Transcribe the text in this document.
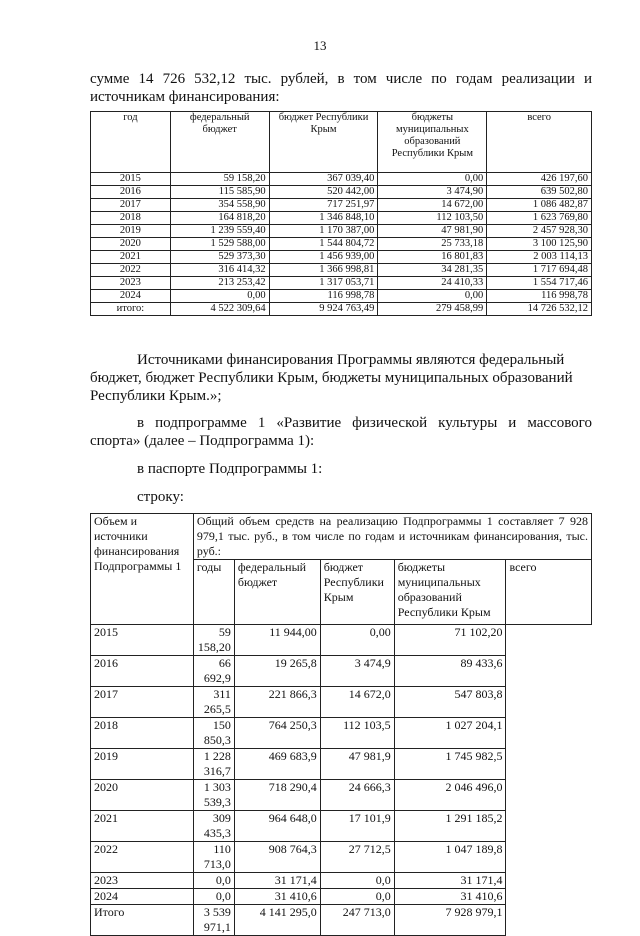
13
сумме 14 726 532,12 тыс. рублей, в том числе по годам реализации и
источникам финансирования:
год	федеральный бюджет	бюджет Республики Крым	бюджеты муниципальных образований Республики Крым	всего
2015	59 158,20	367 039,40	0,00	426 197,60
2016	115 585,90	520 442,00	3 474,90	639 502,80
2017	354 558,90	717 251,97	14 672,00	1 086 482,87
2018	164 818,20	1 346 848,10	112 103,50	1 623 769,80
2019	1 239 559,40	1 170 387,00	47 981,90	2 457 928,30
2020	1 529 588,00	1 544 804,72	25 733,18	3 100 125,90
2021	529 373,30	1 456 939,00	16 801,83	2 003 114,13
2022	316 414,32	1 366 998,81	34 281,35	1 717 694,48
2023	213 253,42	1 317 053,71	24 410,33	1 554 717,46
2024	0,00	116 998,78	0,00	116 998,78
итого:	4 522 309,64	9 924 763,49	279 458,99	14 726 532,12
Источниками финансирования Программы являются федеральный
бюджет, бюджет Республики Крым, бюджеты муниципальных образований
Республики Крым.»;
в подпрограмме 1 «Развитие физической культуры и массового
спорта» (далее – Подпрограмма 1):
в паспорте Подпрограммы 1:
строку:
Объем и источники финансирования Подпрограммы 1	Общий объем средств на реализацию Подпрограммы 1 составляет 7 928 979,1 тыс. руб., в том числе по годам и источникам финансирования, тыс. руб.:				
	годы	федеральный бюджет	бюджет Республики Крым	бюджеты муниципальных образований Республики Крым	всего
2015	59 158,20	11 944,00	0,00	71 102,20	
2016	66 692,9	19 265,8	3 474,9	89 433,6	
2017	311 265,5	221 866,3	14 672,0	547 803,8	
2018	150 850,3	764 250,3	112 103,5	1 027 204,1	
2019	1 228 316,7	469 683,9	47 981,9	1 745 982,5	
2020	1 303 539,3	718 290,4	24 666,3	2 046 496,0	
2021	309 435,3	964 648,0	17 101,9	1 291 185,2	
2022	110 713,0	908 764,3	27 712,5	1 047 189,8	
2023	0,0	31 171,4	0,0	31 171,4	
2024	0,0	31 410,6	0,0	31 410,6	
Итого	3 539 971,1	4 141 295,0	247 713,0	7 928 979,1	
